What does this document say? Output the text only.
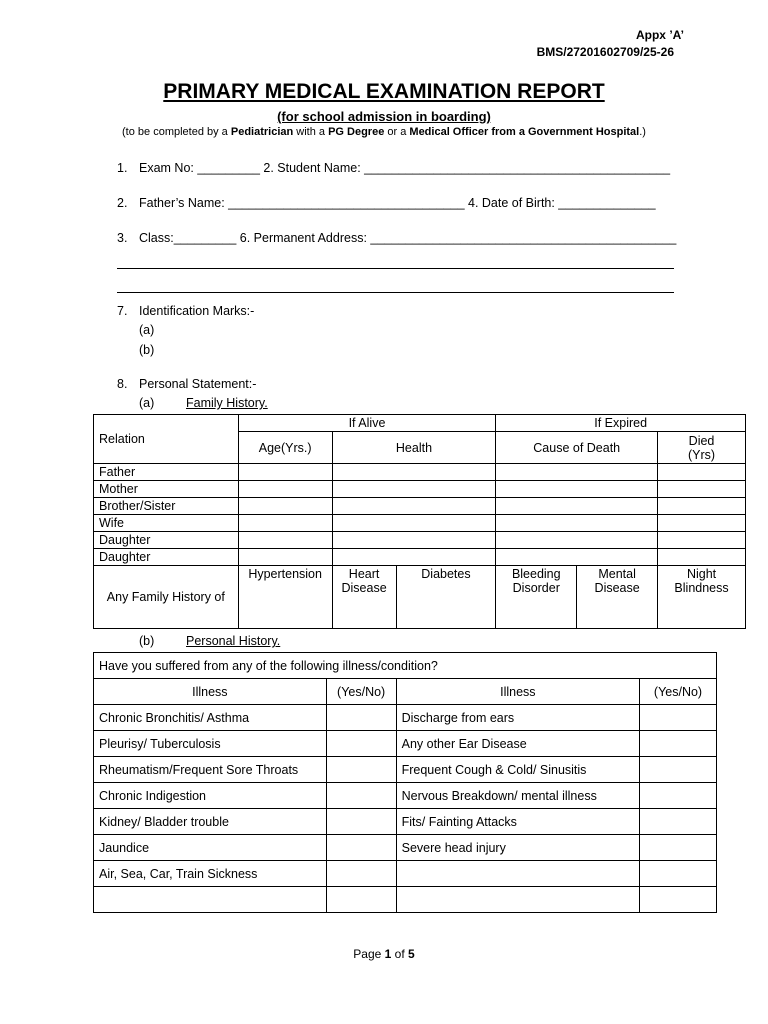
Appx ’A’
BMS/27201602709/25-26
PRIMARY MEDICAL EXAMINATION REPORT
(for school admission in boarding)
(to be completed by a Pediatrician with a PG Degree or a Medical Officer from a Government Hospital.)
1. Exam No: _________ 2. Student Name: ____________________________________________
2. Father’s Name: __________________________________ 4. Date of Birth: ______________
3. Class:_________ 6. Permanent Address: ____________________________________________
7. Identification Marks:-
(a)
(b)
8. Personal Statement:-
(a)	Family History.
Relation	If Alive			If Expired		
	Age(Yrs.)	Health		Cause of Death		Died (Yrs)
Father						
Mother						
Brother/Sister						
Wife						
Daughter						
Daughter						
Any Family History of	Hypertension	Heart Disease	Diabetes	Bleeding Disorder	Mental Disease	Night Blindness
(b)	Personal History.
Have you suffered from any of the following illness/condition?			
Illness	(Yes/No)	Illness	(Yes/No)
Chronic Bronchitis/ Asthma		Discharge from ears	
Pleurisy/ Tuberculosis		Any other Ear Disease	
Rheumatism/Frequent Sore Throats		Frequent Cough & Cold/ Sinusitis	
Chronic Indigestion		Nervous Breakdown/ mental illness	
Kidney/ Bladder trouble		Fits/ Fainting Attacks	
Jaundice		Severe head injury	
Air, Sea, Car, Train Sickness			

Page 1 of 5
